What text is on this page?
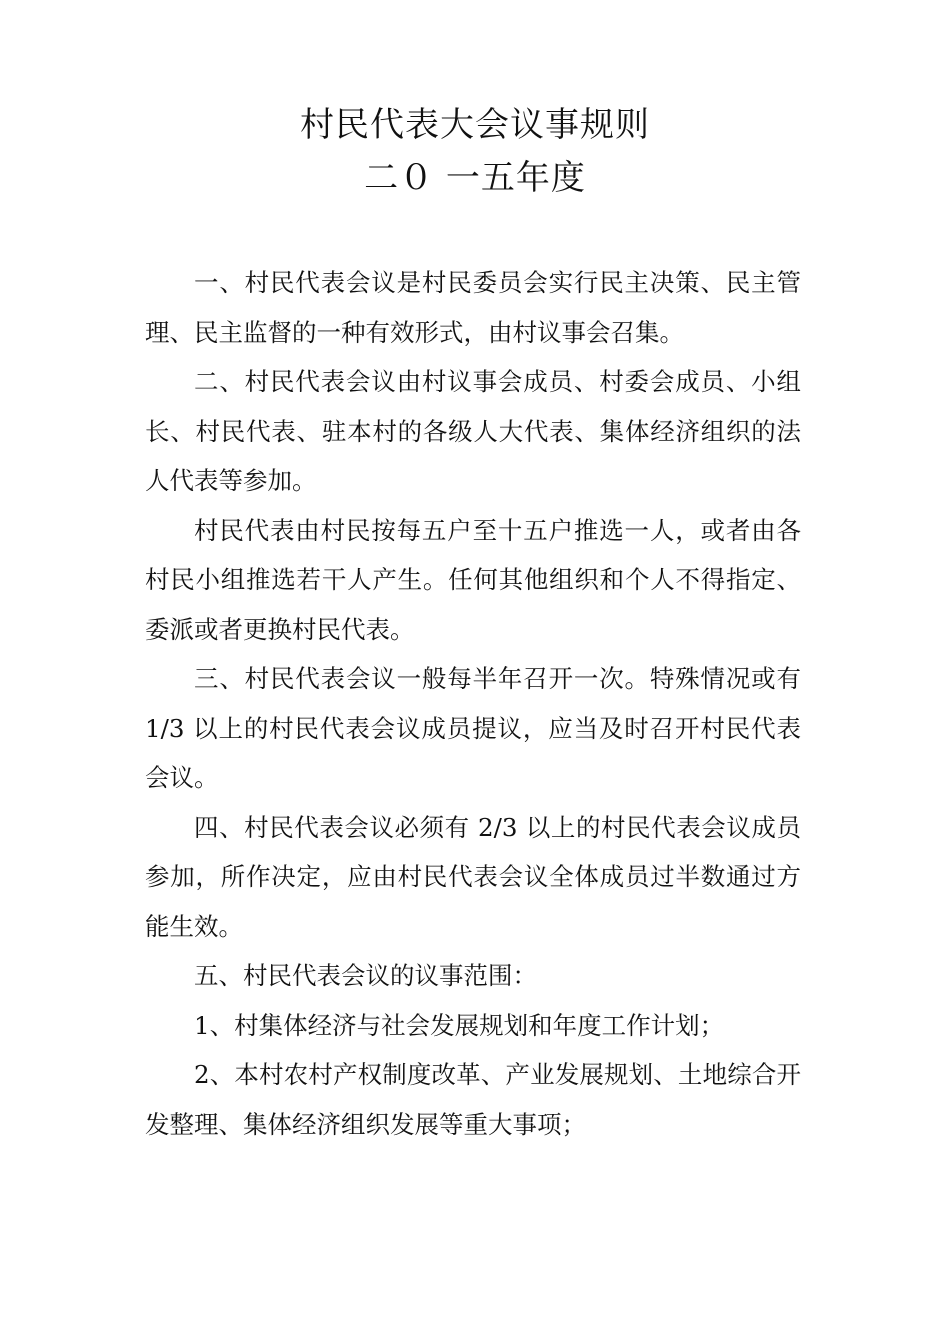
村民代表大会议事规则
二０ 一五年度

一、村民代表会议是村民委员会实行民主决策、民主管理、民主监督的一种有效形式，由村议事会召集。

二、村民代表会议由村议事会成员、村委会成员、小组长、村民代表、驻本村的各级人大代表、集体经济组织的法人代表等参加。

村民代表由村民按每五户至十五户推选一人，或者由各村民小组推选若干人产生。任何其他组织和个人不得指定、委派或者更换村民代表。

三、村民代表会议一般每半年召开一次。特殊情况或有 1/3 以上的村民代表会议成员提议，应当及时召开村民代表会议。

四、村民代表会议必须有 2/3 以上的村民代表会议成员参加，所作决定，应由村民代表会议全体成员过半数通过方能生效。

五、村民代表会议的议事范围：

1、村集体经济与社会发展规划和年度工作计划；

2、本村农村产权制度改革、产业发展规划、土地综合开发整理、集体经济组织发展等重大事项；
